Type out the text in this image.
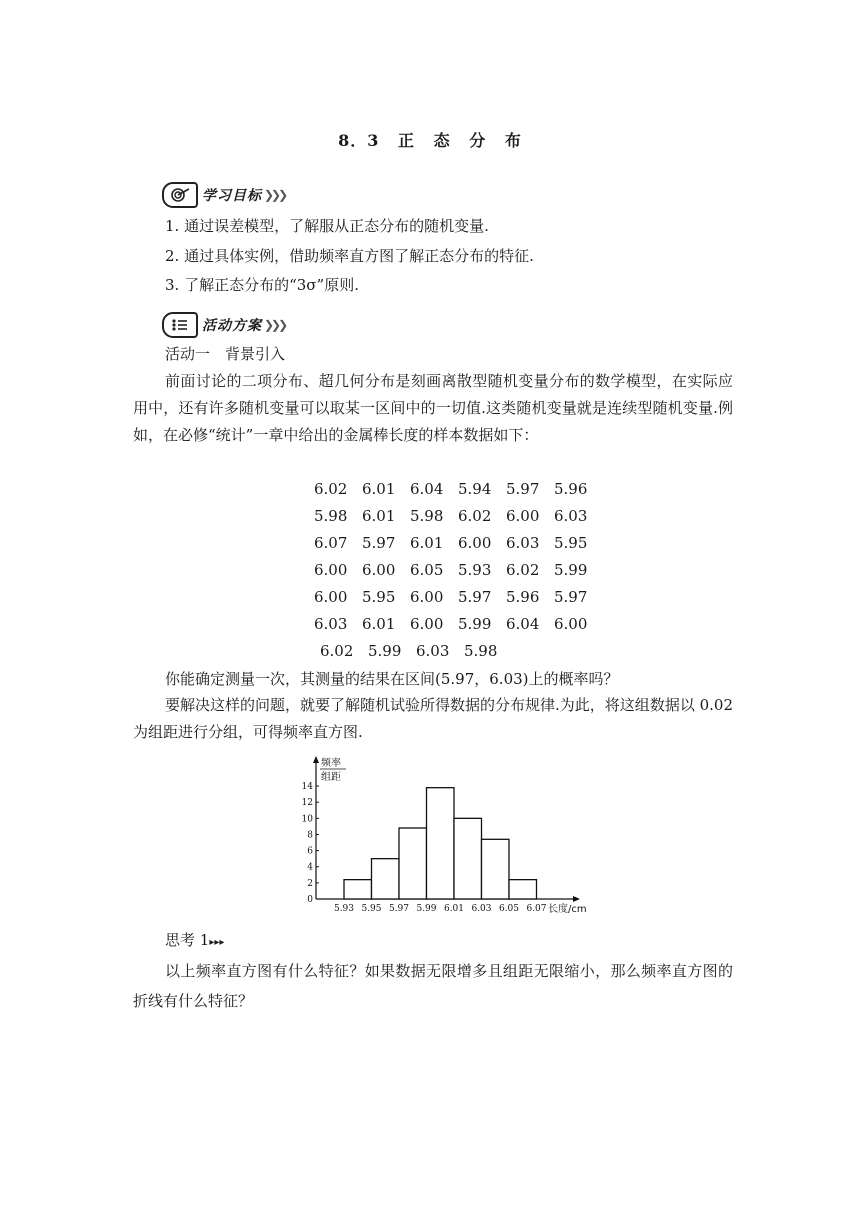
8．3 正 态 分 布
学习目标 ❯❯❯
1. 通过误差模型，了解服从正态分布的随机变量.
2. 通过具体实例，借助频率直方图了解正态分布的特征.
3. 了解正态分布的“3σ”原则.
活动方案 ❯❯❯
活动一　背景引入
前面讨论的二项分布、超几何分布是刻画离散型随机变量分布的数学模型，在实际应用中，还有许多随机变量可以取某一区间中的一切值.这类随机变量就是连续型随机变量.例如，在必修“统计”一章中给出的金属棒长度的样本数据如下：
6.02 6.01 6.04 5.94 5.97 5.96
5.98 6.01 5.98 6.02 6.00 6.03
6.07 5.97 6.01 6.00 6.03 5.95
6.00 6.00 6.05 5.93 6.02 5.99
6.00 5.95 6.00 5.97 5.96 5.97
6.03 6.01 6.00 5.99 6.04 6.00
6.02 5.99 6.03 5.98
你能确定测量一次，其测量的结果在区间(5.97，6.03)上的概率吗？
要解决这样的问题，就要了解随机试验所得数据的分布规律.为此，将这组数据以 0.02 为组距进行分组，可得频率直方图.
频率
组距
长度/cm
0
2
4
6
8
10
12
14
5.93 5.95 5.97 5.99 6.01 6.03 6.05 6.07
思考 1▸▸▸
以上频率直方图有什么特征？如果数据无限增多且组距无限缩小，那么频率直方图的折线有什么特征？
